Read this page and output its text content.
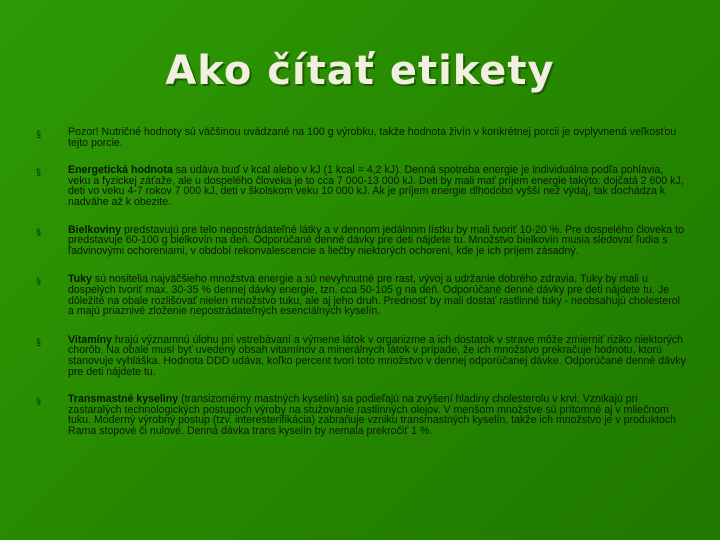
Ako čítať etikety
§	Pozor! Nutričné hodnoty sú väčšinou uvádzané na 100 g výrobku, takže hodnota živín v konkrétnej porcii je ovplyvnená veľkosťou tejto porcie.
§	Energetická hodnota sa udáva buď v kcal alebo v kJ (1 kcal = 4,2 kJ). Denná spotreba energie je individuálna podľa pohlavia, veku a fyzickej záťaže, ale u dospelého človeka je to cca 7 000-13 000 kJ. Deti by mali mať príjem energie takýto: dojčatá 2 600 kJ, deti vo veku 4-7 rokov 7 000 kJ, deti v školskom veku 10 000 kJ. Ak je príjem energie dlhodobo vyšší než výdaj, tak dochádza k nadváhe až k obezite.
§	Bielkoviny predstavujú pre telo nepostrádateľné látky a v dennom jedálnom lístku by mali tvoriť 10-20 %. Pre dospelého človeka to predstavuje 60-100 g bielkovín na deň. Odporúčané denné dávky pre deti nájdete tu. Množstvo bielkovín musia sledovať ľudia s ľadvinovými ochoreniami, v období rekonvalescencie a liečby niektorých ochorení, kde je ich príjem zásadný.
§	Tuky sú nositelia najväčšieho množstva energie a sú nevyhnutné pre rast, vývoj a udržanie dobrého zdravia. Tuky by mali u dospelých tvoriť max. 30-35 % dennej dávky energie, tzn. cca 50-105 g na deň. Odporúčané denné dávky pre deti nájdete tu. Je dôležité na obale rozlišovať nielen množstvo tuku, ale aj jeho druh. Prednosť by mali dostať rastlinné tuky - neobsahujú cholesterol a majú priaznivé zloženie nepostrádateľných esenciálnych kyselín.
§	Vitamíny hrajú významnú úlohu pri vstrebávaní a výmene látok v organizme a ich dostatok v strave môže zmierniť riziko niektorých chorôb. Na obale musí byť uvedený obsah vitamínov a minerálnych látok v prípade, že ich množstvo prekračuje hodnotu, ktorú stanovuje vyhláška. Hodnota DDD udáva, koľko percent tvorí toto množstvo v dennej odporúčanej dávke. Odporúčané denné dávky pre deti nájdete tu.
§	Transmastné kyseliny (transizomérny mastných kyselín) sa podieľajú na zvýšení hladiny cholesterolu v krvi. Vznikajú pri zastaralých technologických postupoch výroby na stužovanie rastlinných olejov. V menšom množstve sú prítomné aj v mliečnom tuku. Moderný výrobný postup (tzv. interesterifikácia) zabraňuje vzniku transmastných kyselín, takže ich množstvo je v produktoch Rama stopové či nulové. Denná dávka trans kyselín by nemala prekročiť 1 %.
